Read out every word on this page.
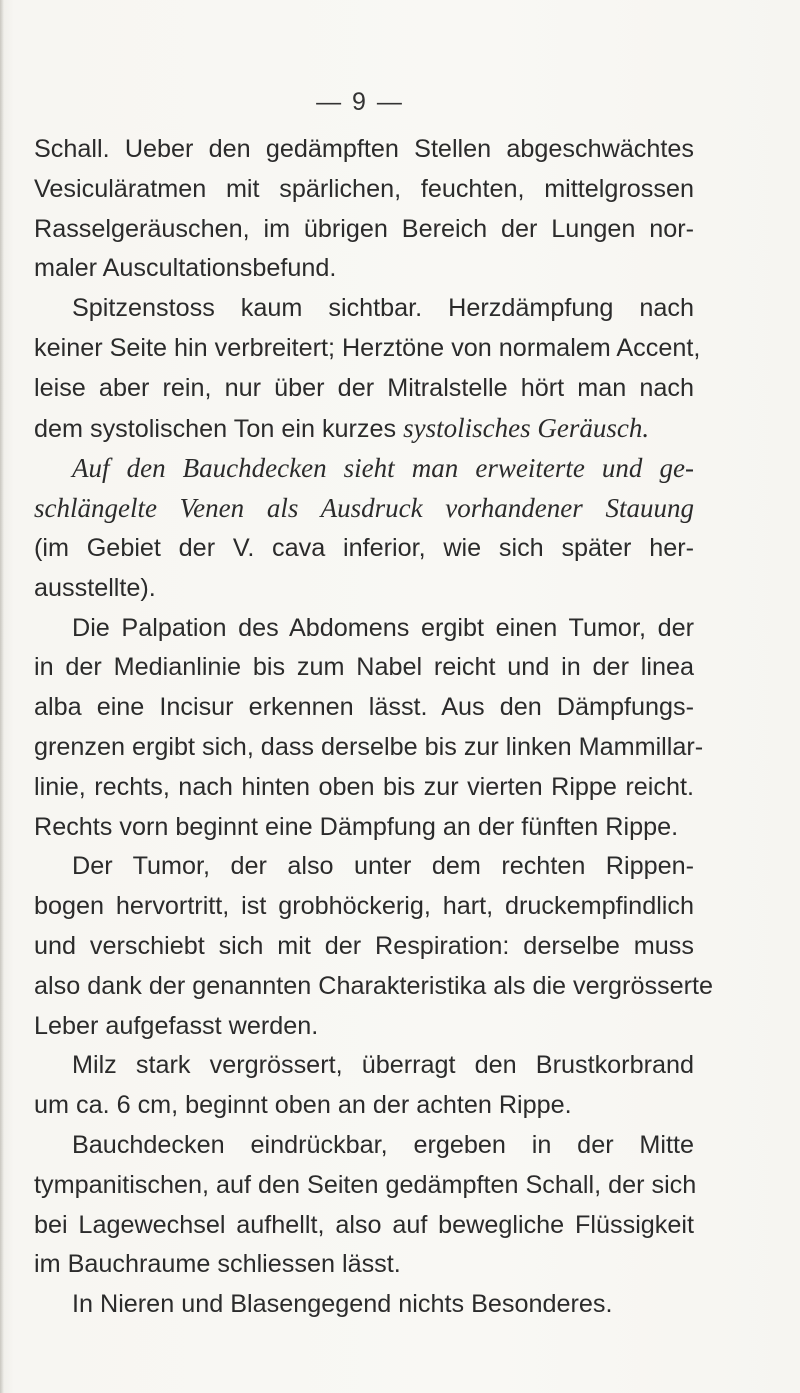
— 9 —

Schall. Ueber den gedämpften Stellen abgeschwächtes
Vesiculäratmen mit spärlichen, feuchten, mittelgrossen
Rasselgeräuschen, im übrigen Bereich der Lungen nor-
maler Auscultationsbefund.

Spitzenstoss kaum sichtbar. Herzdämpfung nach
keiner Seite hin verbreitert; Herztöne von normalem Accent,
leise aber rein, nur über der Mitralstelle hört man nach
dem systolischen Ton ein kurzes systolisches Geräusch.

Auf den Bauchdecken sieht man erweiterte und ge-
schlängelte Venen als Ausdruck vorhandener Stauung
(im Gebiet der V. cava inferior, wie sich später her-
ausstellte).

Die Palpation des Abdomens ergibt einen Tumor, der
in der Medianlinie bis zum Nabel reicht und in der linea
alba eine Incisur erkennen lässt. Aus den Dämpfungs-
grenzen ergibt sich, dass derselbe bis zur linken Mammillar-
linie, rechts, nach hinten oben bis zur vierten Rippe reicht.
Rechts vorn beginnt eine Dämpfung an der fünften Rippe.

Der Tumor, der also unter dem rechten Rippen-
bogen hervortritt, ist grobhöckerig, hart, druckempfindlich
und verschiebt sich mit der Respiration: derselbe muss
also dank der genannten Charakteristika als die vergrösserte
Leber aufgefasst werden.

Milz stark vergrössert, überragt den Brustkorbrand
um ca. 6 cm, beginnt oben an der achten Rippe.

Bauchdecken eindrückbar, ergeben in der Mitte
tympanitischen, auf den Seiten gedämpften Schall, der sich
bei Lagewechsel aufhellt, also auf bewegliche Flüssigkeit
im Bauchraume schliessen lässt.

In Nieren und Blasengegend nichts Besonderes.
